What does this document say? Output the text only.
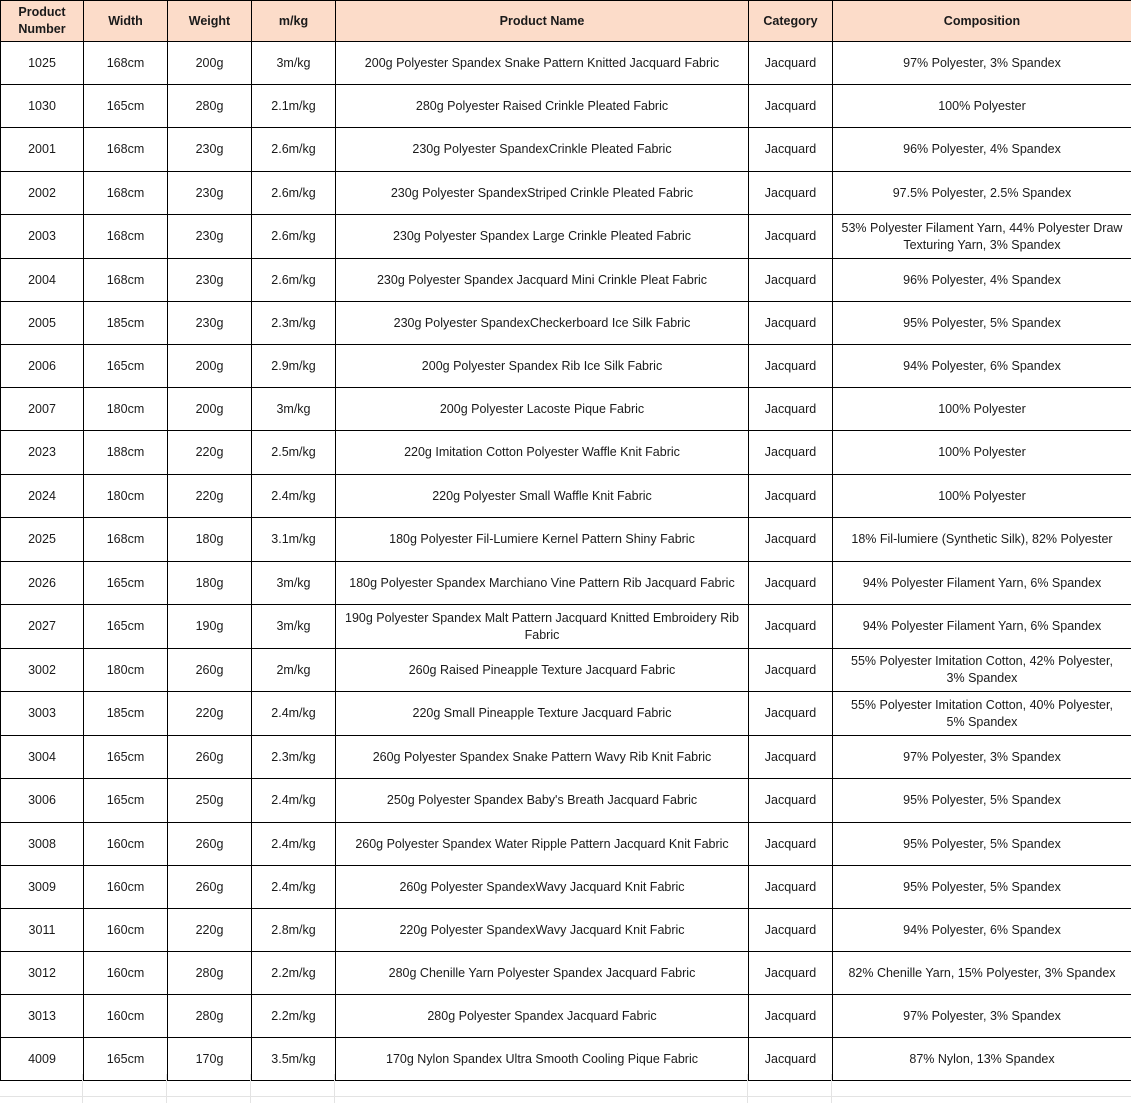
Product
Number	Width	Weight	m/kg	Product Name	Category	Composition
1025	168cm	200g	3m/kg	200g Polyester Spandex Snake Pattern Knitted Jacquard Fabric	Jacquard	97% Polyester, 3% Spandex
1030	165cm	280g	2.1m/kg	280g Polyester Raised Crinkle Pleated Fabric	Jacquard	100% Polyester
2001	168cm	230g	2.6m/kg	230g Polyester SpandexCrinkle Pleated Fabric	Jacquard	96% Polyester, 4% Spandex
2002	168cm	230g	2.6m/kg	230g Polyester SpandexStriped Crinkle Pleated Fabric	Jacquard	97.5% Polyester, 2.5% Spandex
2003	168cm	230g	2.6m/kg	230g Polyester Spandex Large Crinkle Pleated Fabric	Jacquard	53% Polyester Filament Yarn, 44% Polyester Draw Texturing Yarn, 3% Spandex
2004	168cm	230g	2.6m/kg	230g Polyester Spandex Jacquard Mini Crinkle Pleat Fabric	Jacquard	96% Polyester, 4% Spandex
2005	185cm	230g	2.3m/kg	230g Polyester SpandexCheckerboard Ice Silk Fabric	Jacquard	95% Polyester, 5% Spandex
2006	165cm	200g	2.9m/kg	200g Polyester Spandex Rib Ice Silk Fabric	Jacquard	94% Polyester, 6% Spandex
2007	180cm	200g	3m/kg	200g Polyester Lacoste Pique Fabric	Jacquard	100% Polyester
2023	188cm	220g	2.5m/kg	220g Imitation Cotton Polyester Waffle Knit Fabric	Jacquard	100% Polyester
2024	180cm	220g	2.4m/kg	220g Polyester Small Waffle Knit Fabric	Jacquard	100% Polyester
2025	168cm	180g	3.1m/kg	180g Polyester Fil-Lumiere Kernel Pattern Shiny Fabric	Jacquard	18% Fil-lumiere (Synthetic Silk), 82% Polyester
2026	165cm	180g	3m/kg	180g Polyester Spandex Marchiano Vine Pattern Rib Jacquard Fabric	Jacquard	94% Polyester Filament Yarn, 6% Spandex
2027	165cm	190g	3m/kg	190g Polyester Spandex Malt Pattern Jacquard Knitted Embroidery Rib Fabric	Jacquard	94% Polyester Filament Yarn, 6% Spandex
3002	180cm	260g	2m/kg	260g Raised Pineapple Texture Jacquard Fabric	Jacquard	55% Polyester Imitation Cotton, 42% Polyester, 3% Spandex
3003	185cm	220g	2.4m/kg	220g Small Pineapple Texture Jacquard Fabric	Jacquard	55% Polyester Imitation Cotton, 40% Polyester, 5% Spandex
3004	165cm	260g	2.3m/kg	260g Polyester Spandex Snake Pattern Wavy Rib Knit Fabric	Jacquard	97% Polyester, 3% Spandex
3006	165cm	250g	2.4m/kg	250g Polyester Spandex Baby's Breath Jacquard Fabric	Jacquard	95% Polyester, 5% Spandex
3008	160cm	260g	2.4m/kg	260g Polyester Spandex Water Ripple Pattern Jacquard Knit Fabric	Jacquard	95% Polyester, 5% Spandex
3009	160cm	260g	2.4m/kg	260g Polyester SpandexWavy Jacquard Knit Fabric	Jacquard	95% Polyester, 5% Spandex
3011	160cm	220g	2.8m/kg	220g Polyester SpandexWavy Jacquard Knit Fabric	Jacquard	94% Polyester, 6% Spandex
3012	160cm	280g	2.2m/kg	280g Chenille Yarn Polyester Spandex Jacquard Fabric	Jacquard	82% Chenille Yarn, 15% Polyester, 3% Spandex
3013	160cm	280g	2.2m/kg	280g Polyester Spandex Jacquard Fabric	Jacquard	97% Polyester, 3% Spandex
4009	165cm	170g	3.5m/kg	170g Nylon Spandex Ultra Smooth Cooling Pique Fabric	Jacquard	87% Nylon, 13% Spandex
